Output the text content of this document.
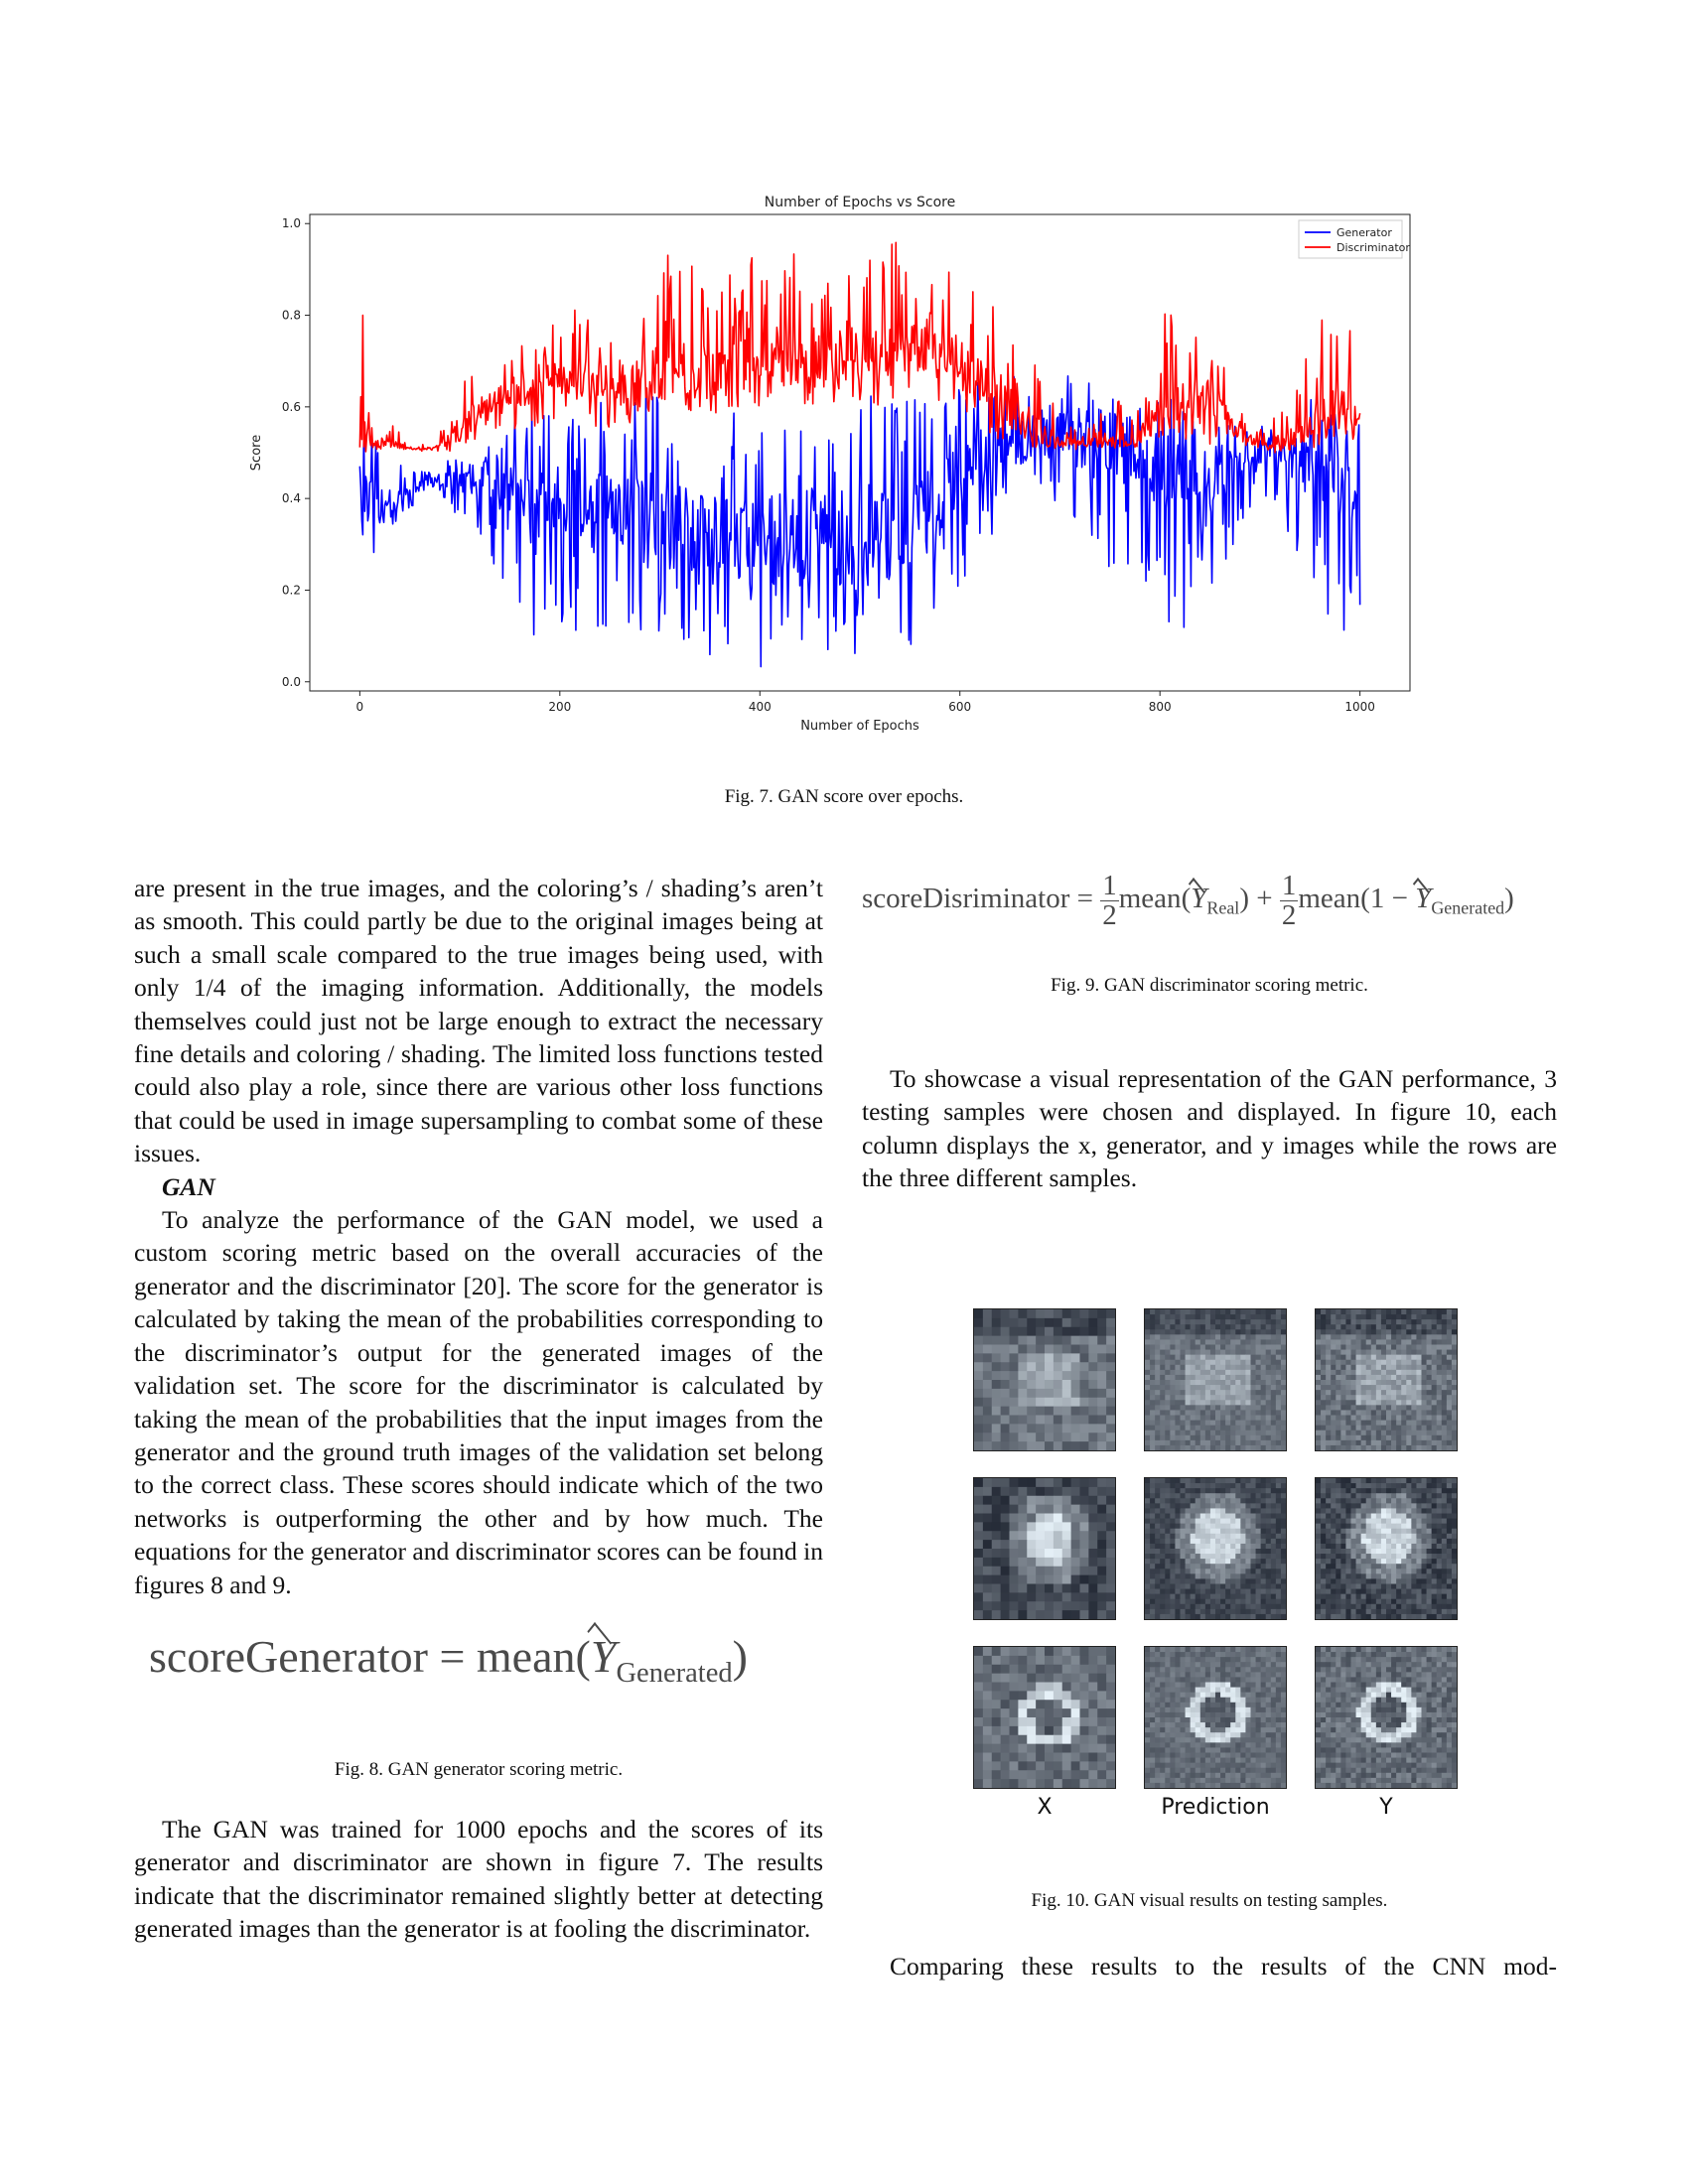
Number of Epochs vs Score
0	200	400	600	800	1000
0.0
0.2
0.4
0.6
0.8
1.0
Number of Epochs
Score
Generator
Discriminator
Fig. 7. GAN score over epochs.

are present in the true images, and the coloring’s / shading’s aren’t as smooth. This could partly be due to the original images being at such a small scale compared to the true images being used, with only 1/4 of the imaging information. Additionally, the models themselves could just not be large enough to extract the necessary fine details and coloring / shading. The limited loss functions tested could also play a role, since there are various other loss functions that could be used in image supersampling to combat some of these issues.

GAN

To analyze the performance of the GAN model, we used a custom scoring metric based on the overall accuracies of the generator and the discriminator [20]. The score for the generator is calculated by taking the mean of the probabilities corresponding to the discriminator’s output for the generated images of the validation set. The score for the discriminator is calculated by taking the mean of the probabilities that the input images from the generator and the ground truth images of the validation set belong to the correct class. These scores should indicate which of the two networks is outperforming the other and by how much. The equations for the generator and discriminator scores can be found in figures 8 and 9.

scoreGenerator = $mean(Y_{Generated})$
Fig. 8. GAN generator scoring metric.

The GAN was trained for 1000 epochs and the scores of its generator and discriminator are shown in figure 7. The results indicate that the discriminator remained slightly better at detecting generated images than the generator is at fooling the discriminator.

scoreDisriminator = $\frac{1}{2}$ $mean(Y_{Real}) + \frac{1}{2}$ mean(1 − $Y_{Generated}$)
Fig. 9. GAN discriminator scoring metric.

To showcase a visual representation of the GAN performance, 3 testing samples were chosen and displayed. In figure 10, each column displays the x, generator, and y images while the rows are the three different samples.

X	Prediction	Y
Fig. 10. GAN visual results on testing samples.

Comparing these results to the results of the CNN mod-
